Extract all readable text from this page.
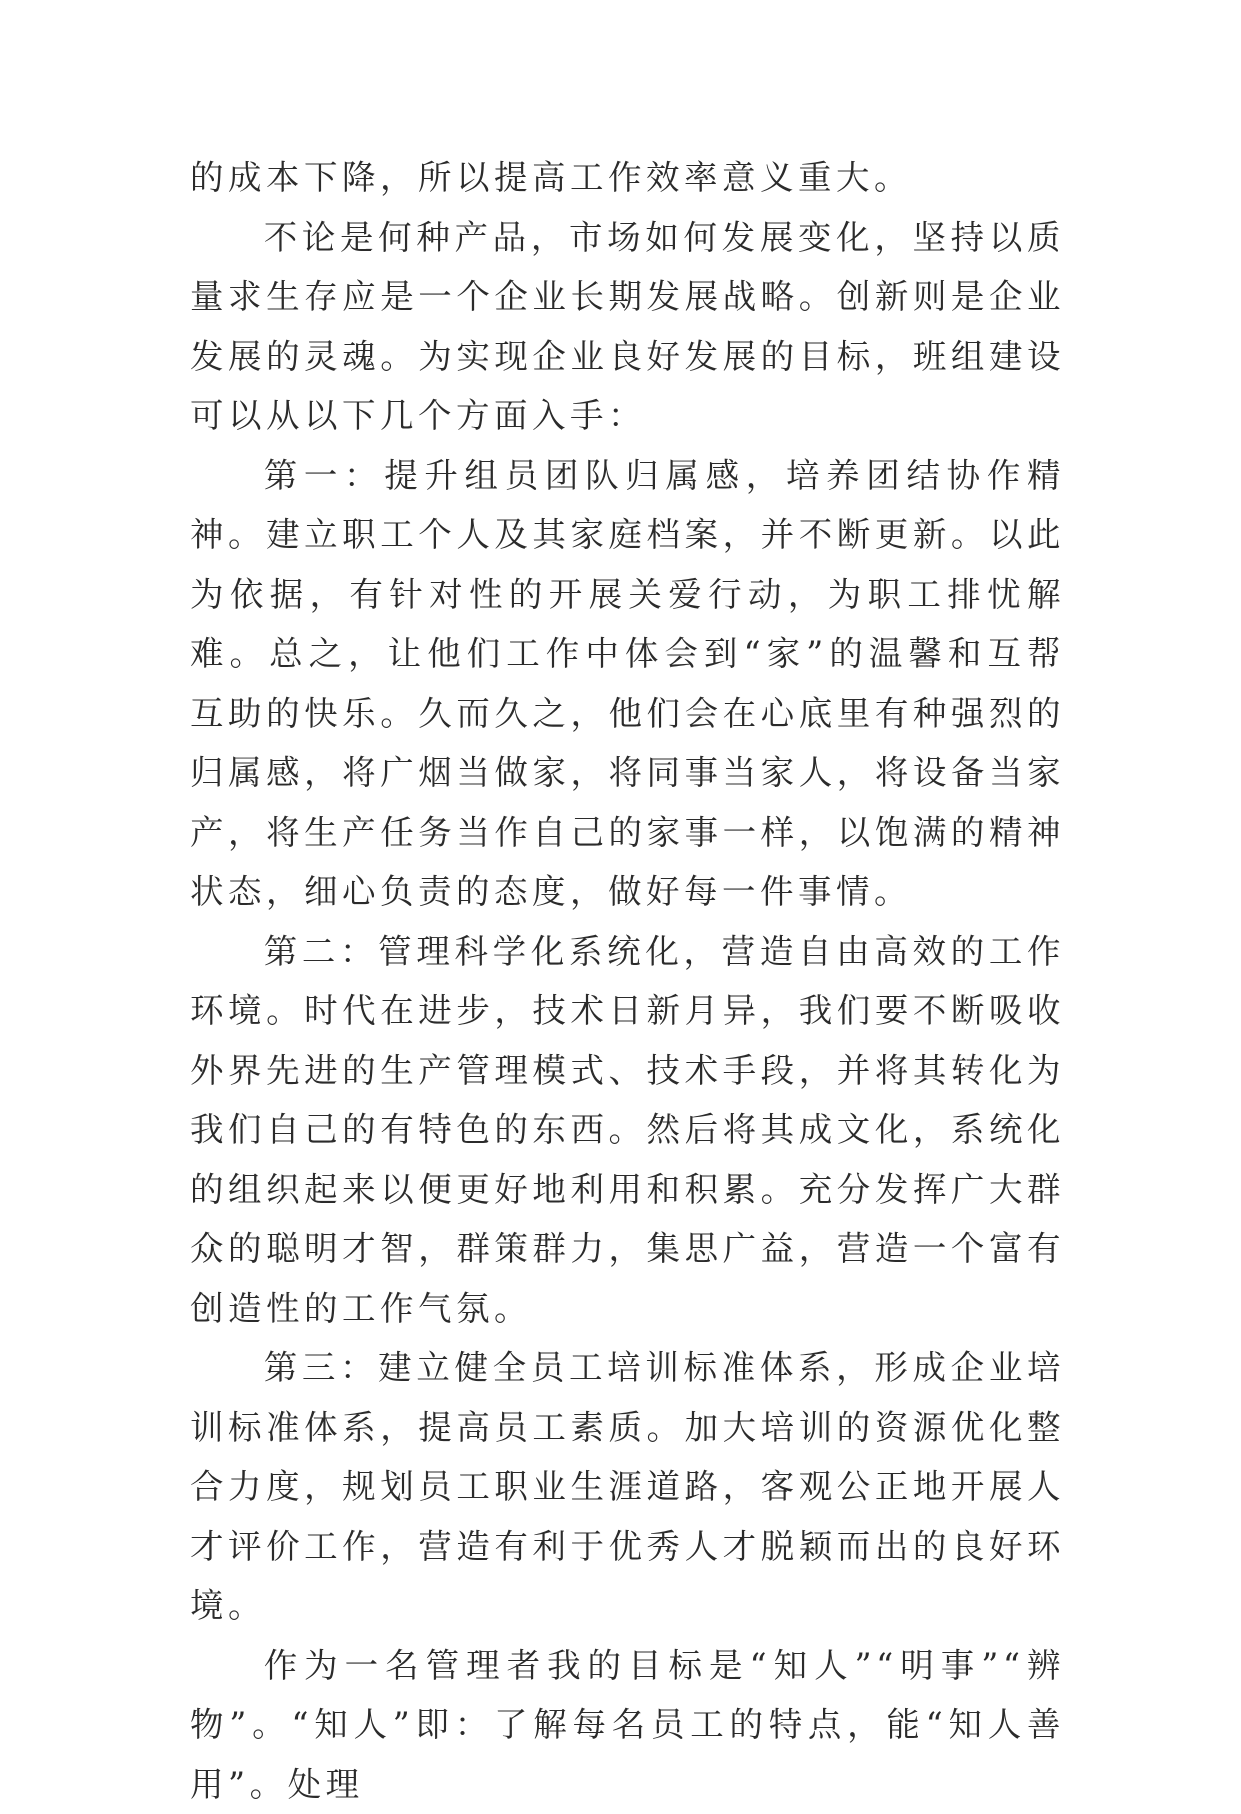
的成本下降，所以提高工作效率意义重大。

不论是何种产品，市场如何发展变化，坚持以质量求生存应是一个企业长期发展战略。创新则是企业发展的灵魂。为实现企业良好发展的目标，班组建设可以从以下几个方面入手：

第一：提升组员团队归属感，培养团结协作精神。建立职工个人及其家庭档案，并不断更新。以此为依据，有针对性的开展关爱行动，为职工排忧解难。总之，让他们工作中体会到“家”的温馨和互帮互助的快乐。久而久之，他们会在心底里有种强烈的归属感，将广烟当做家，将同事当家人，将设备当家产，将生产任务当作自己的家事一样，以饱满的精神状态，细心负责的态度，做好每一件事情。

第二：管理科学化系统化，营造自由高效的工作环境。时代在进步，技术日新月异，我们要不断吸收外界先进的生产管理模式、技术手段，并将其转化为我们自己的有特色的东西。然后将其成文化，系统化的组织起来以便更好地利用和积累。充分发挥广大群众的聪明才智，群策群力，集思广益，营造一个富有创造性的工作气氛。

第三：建立健全员工培训标准体系，形成企业培训标准体系，提高员工素质。加大培训的资源优化整合力度，规划员工职业生涯道路，客观公正地开展人才评价工作，营造有利于优秀人才脱颖而出的良好环境。

作为一名管理者我的目标是“知人”“明事”“辨物”。“知人”即：了解每名员工的特点，能“知人善用”。处理
